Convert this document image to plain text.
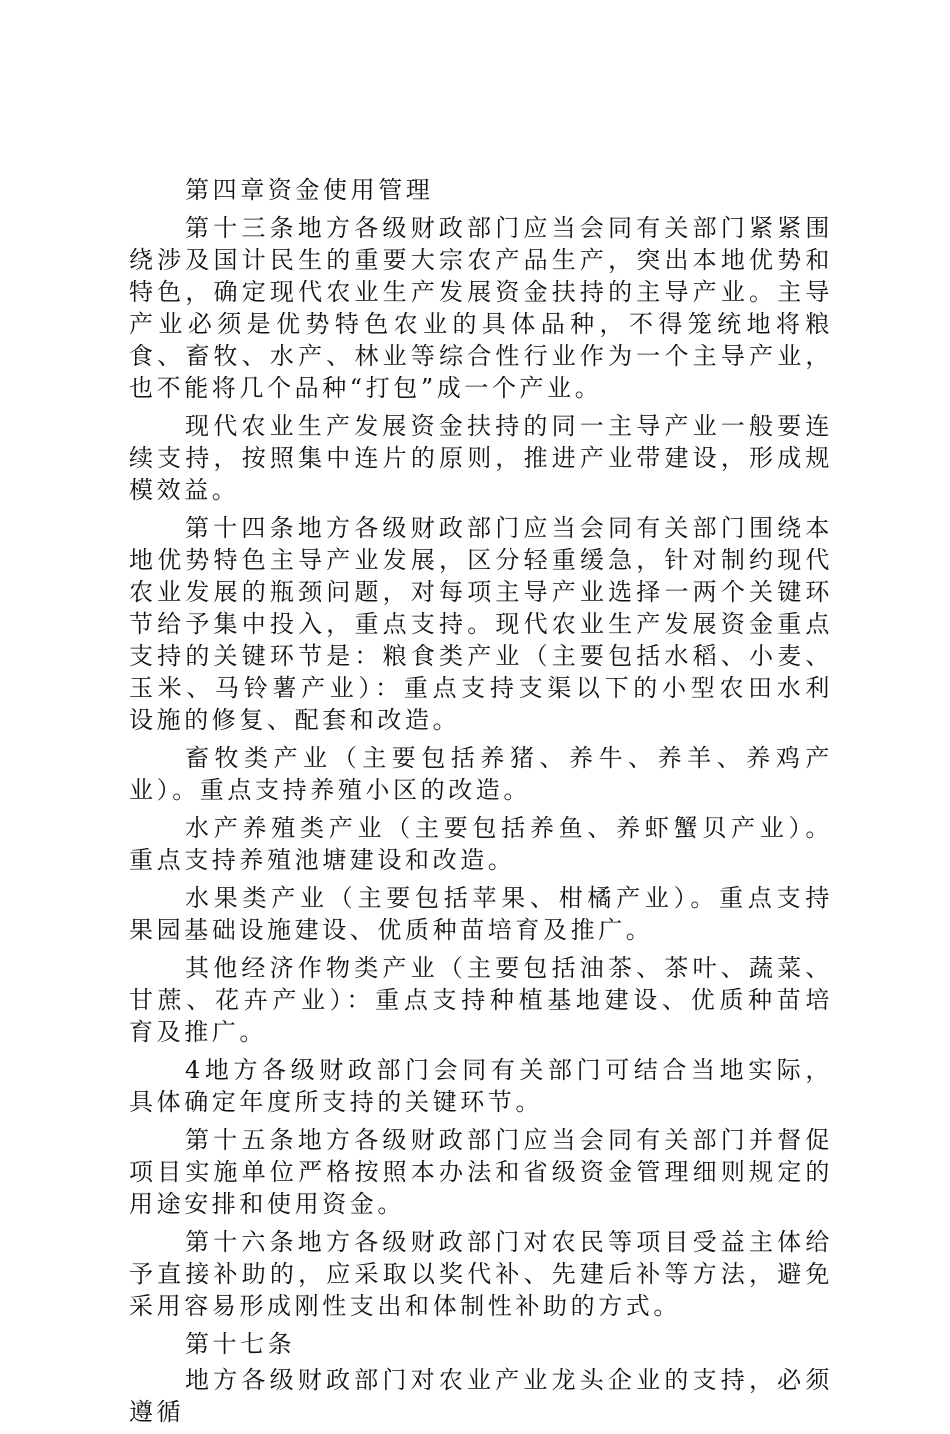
第四章资金使用管理

第十三条地方各级财政部门应当会同有关部门紧紧围绕涉及国计民生的重要大宗农产品生产，突出本地优势和特色，确定现代农业生产发展资金扶持的主导产业。主导产业必须是优势特色农业的具体品种，不得笼统地将粮食、畜牧、水产、林业等综合性行业作为一个主导产业，也不能将几个品种“打包”成一个产业。

现代农业生产发展资金扶持的同一主导产业一般要连续支持，按照集中连片的原则，推进产业带建设，形成规模效益。

第十四条地方各级财政部门应当会同有关部门围绕本地优势特色主导产业发展，区分轻重缓急，针对制约现代农业发展的瓶颈问题，对每项主导产业选择一两个关键环节给予集中投入，重点支持。现代农业生产发展资金重点支持的关键环节是：粮食类产业（主要包括水稻、小麦、玉米、马铃薯产业）：重点支持支渠以下的小型农田水利设施的修复、配套和改造。

畜牧类产业（主要包括养猪、养牛、养羊、养鸡产业）。重点支持养殖小区的改造。

水产养殖类产业（主要包括养鱼、养虾蟹贝产业）。重点支持养殖池塘建设和改造。

水果类产业（主要包括苹果、柑橘产业）。重点支持果园基础设施建设、优质种苗培育及推广。

其他经济作物类产业（主要包括油茶、茶叶、蔬菜、甘蔗、花卉产业）：重点支持种植基地建设、优质种苗培育及推广。

4地方各级财政部门会同有关部门可结合当地实际，具体确定年度所支持的关键环节。

第十五条地方各级财政部门应当会同有关部门并督促项目实施单位严格按照本办法和省级资金管理细则规定的用途安排和使用资金。

第十六条地方各级财政部门对农民等项目受益主体给予直接补助的，应采取以奖代补、先建后补等方法，避免采用容易形成刚性支出和体制性补助的方式。

第十七条

地方各级财政部门对农业产业龙头企业的支持，必须遵循
